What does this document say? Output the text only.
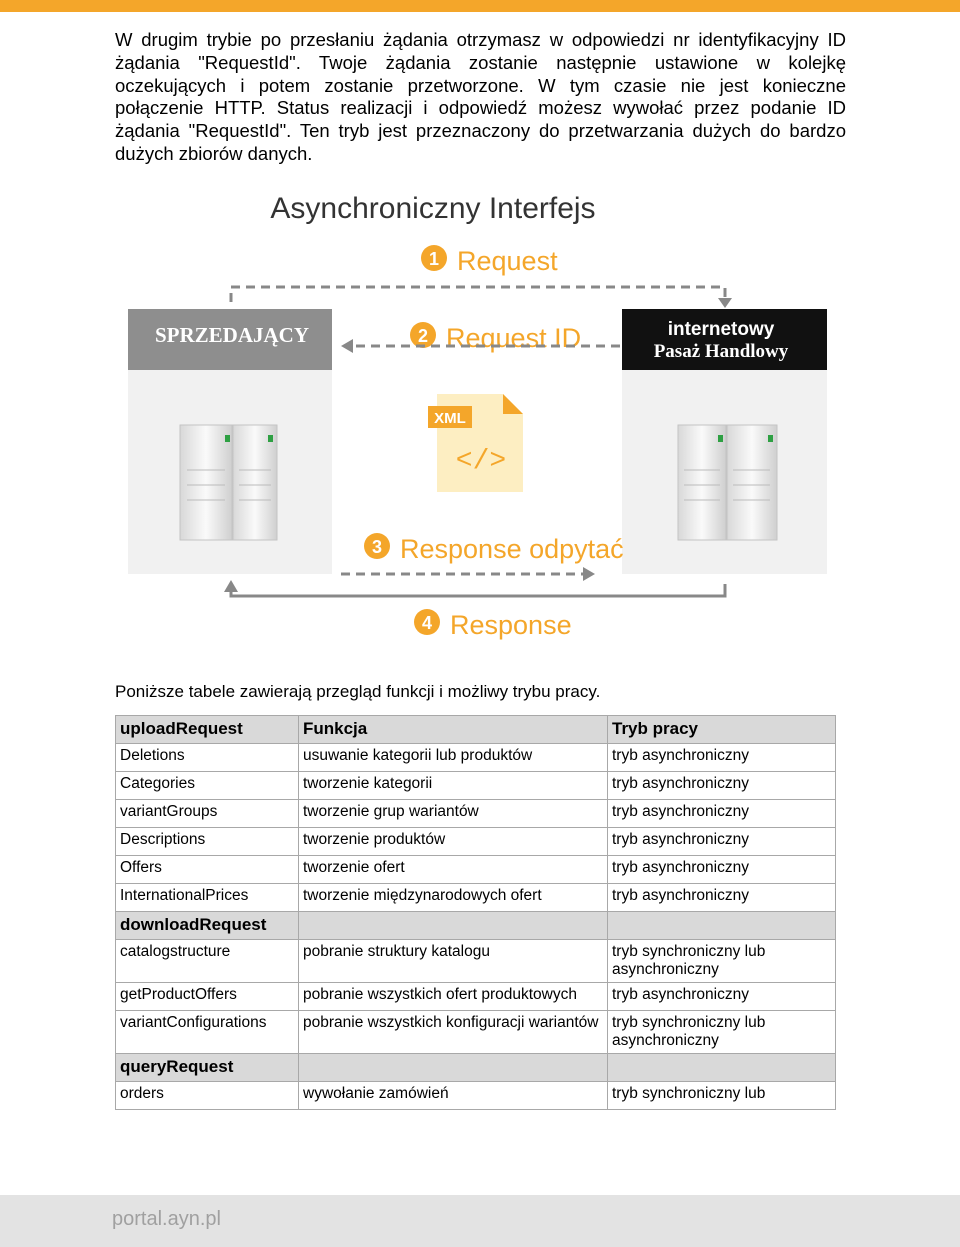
W drugim trybie po przesłaniu żądania otrzymasz w odpowiedzi nr identyfikacyjny ID żądania "RequestId". Twoje żądania zostanie następnie ustawione w kolejkę oczekujących i potem zostanie przetworzone. W tym czasie nie jest konieczne połączenie HTTP. Status realizacji i odpowiedź możesz wywołać przez podanie ID żądania "RequestId". Ten tryb jest przeznaczony do przetwarzania dużych do bardzo dużych zbiorów danych.

Asynchroniczny Interfejs
1 Request
SPRZEDAJĄCY	internetowy
Pasaż Handlowy
2 Request ID
XML
</>
3 Response odpytać
4 Response

Poniższe tabele zawierają przegląd funkcji i możliwy trybu pracy.

uploadRequest	Funkcja	Tryb pracy
Deletions	usuwanie kategorii lub produktów	tryb asynchroniczny
Categories	tworzenie kategorii	tryb asynchroniczny
variantGroups	tworzenie grup wariantów	tryb asynchroniczny
Descriptions	tworzenie produktów	tryb asynchroniczny
Offers	tworzenie ofert	tryb asynchroniczny
InternationalPrices	tworzenie międzynarodowych ofert	tryb asynchroniczny
downloadRequest		
catalogstructure	pobranie struktury katalogu	tryb synchroniczny lub asynchroniczny
getProductOffers	pobranie wszystkich ofert produktowych	tryb asynchroniczny
variantConfigurations	pobranie wszystkich konfiguracji wariantów	tryb synchroniczny lub asynchroniczny
queryRequest		
orders	wywołanie zamówień	tryb synchroniczny lub
portal.ayn.pl
